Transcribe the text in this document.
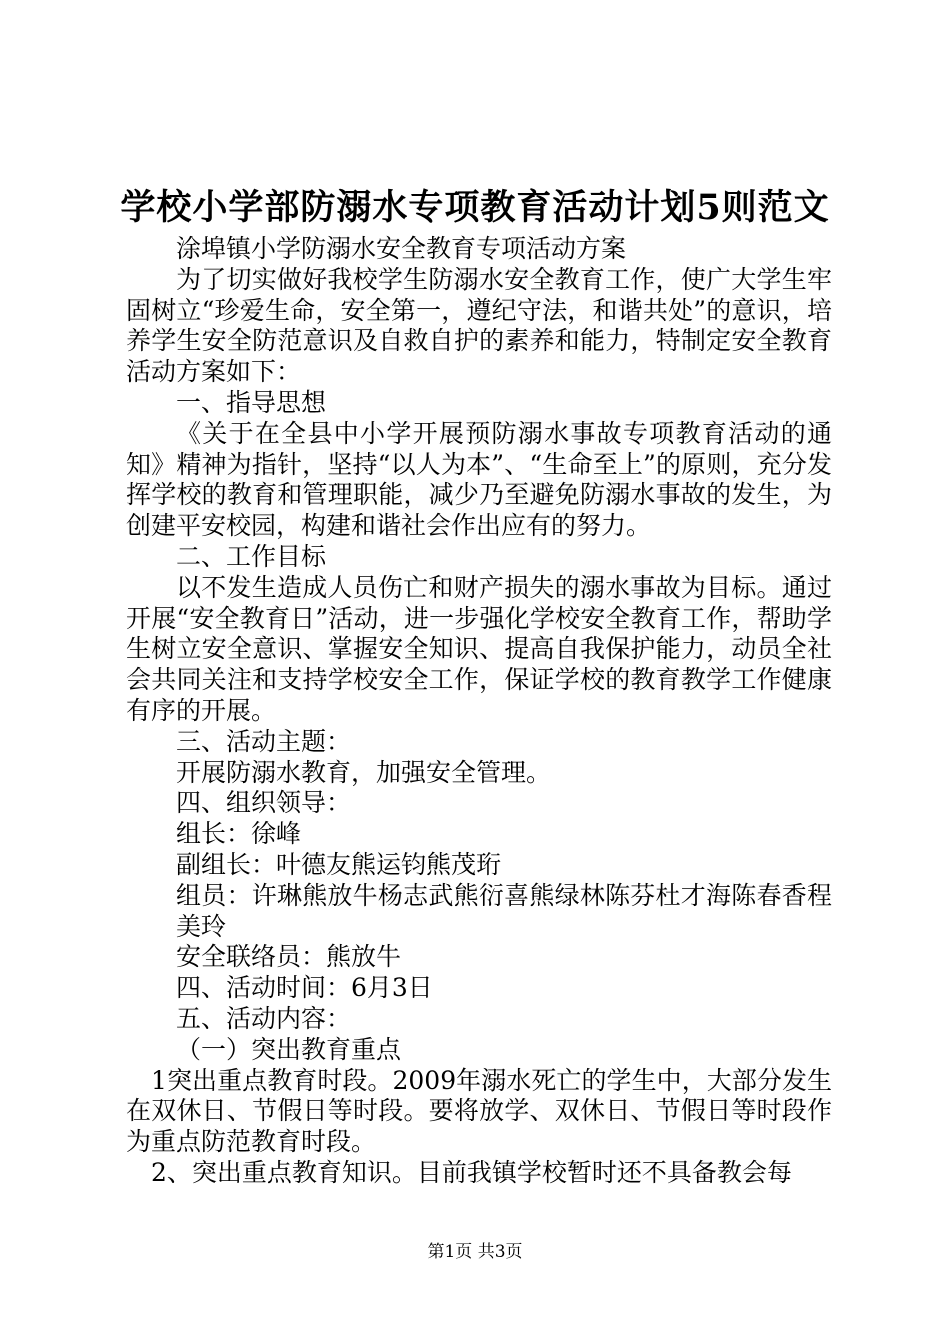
学校小学部防溺水专项教育活动计划5则范文

涂埠镇小学防溺水安全教育专项活动方案

为了切实做好我校学生防溺水安全教育工作，使广大学生牢固树立“珍爱生命，安全第一，遵纪守法，和谐共处”的意识，培养学生安全防范意识及自救自护的素养和能力，特制定安全教育活动方案如下：

一、指导思想

《关于在全县中小学开展预防溺水事故专项教育活动的通知》精神为指针，坚持“以人为本”、“生命至上”的原则，充分发挥学校的教育和管理职能，减少乃至避免防溺水事故的发生，为创建平安校园，构建和谐社会作出应有的努力。

二、工作目标

以不发生造成人员伤亡和财产损失的溺水事故为目标。通过开展“安全教育日”活动，进一步强化学校安全教育工作，帮助学生树立安全意识、掌握安全知识、提高自我保护能力，动员全社会共同关注和支持学校安全工作，保证学校的教育教学工作健康有序的开展。

三、活动主题：

开展防溺水教育，加强安全管理。

四、组织领导：

组长：徐峰

副组长：叶德友熊运钧熊茂珩

组员：许琳熊放牛杨志武熊衍喜熊绿林陈芬杜才海陈春香程美玲

安全联络员：熊放牛

四、活动时间：6月3日

五、活动内容：

（一）突出教育重点

1突出重点教育时段。2009年溺水死亡的学生中，大部分发生在双休日、节假日等时段。要将放学、双休日、节假日等时段作为重点防范教育时段。

2、突出重点教育知识。目前我镇学校暂时还不具备教会每

第1页 共3页
